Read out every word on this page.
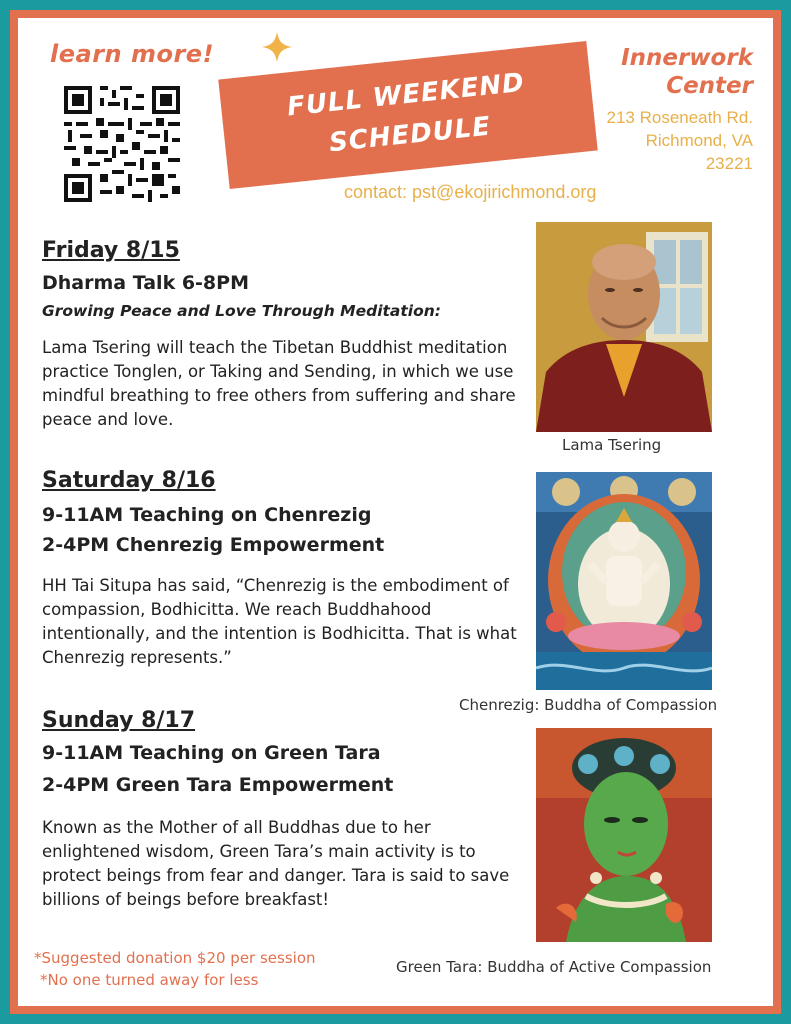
learn more!
FULL WEEKEND
SCHEDULE
Innerwork
Center
213 Roseneath Rd.
Richmond, VA
23221
contact: pst@ekojirichmond.org
Friday 8/15
Dharma Talk 6-8PM
Growing Peace and Love Through Meditation:
Lama Tsering will teach the Tibetan Buddhist meditation practice Tonglen, or Taking and Sending, in which we use mindful breathing to free others from suffering and share peace and love.
Lama Tsering
Saturday 8/16
9-11AM Teaching on Chenrezig
2-4PM Chenrezig Empowerment
HH Tai Situpa has said, “Chenrezig is the embodiment of compassion, Bodhicitta. We reach Buddhahood intentionally, and the intention is Bodhicitta. That is what Chenrezig represents.”
Chenrezig: Buddha of Compassion
Sunday 8/17
9-11AM Teaching on Green Tara
2-4PM Green Tara Empowerment
Known as the Mother of all Buddhas due to her enlightened wisdom, Green Tara’s main activity is to protect beings from fear and danger. Tara is said to save billions of beings before breakfast!
Green Tara: Buddha of Active Compassion
*Suggested donation $20 per session
*No one turned away for less
